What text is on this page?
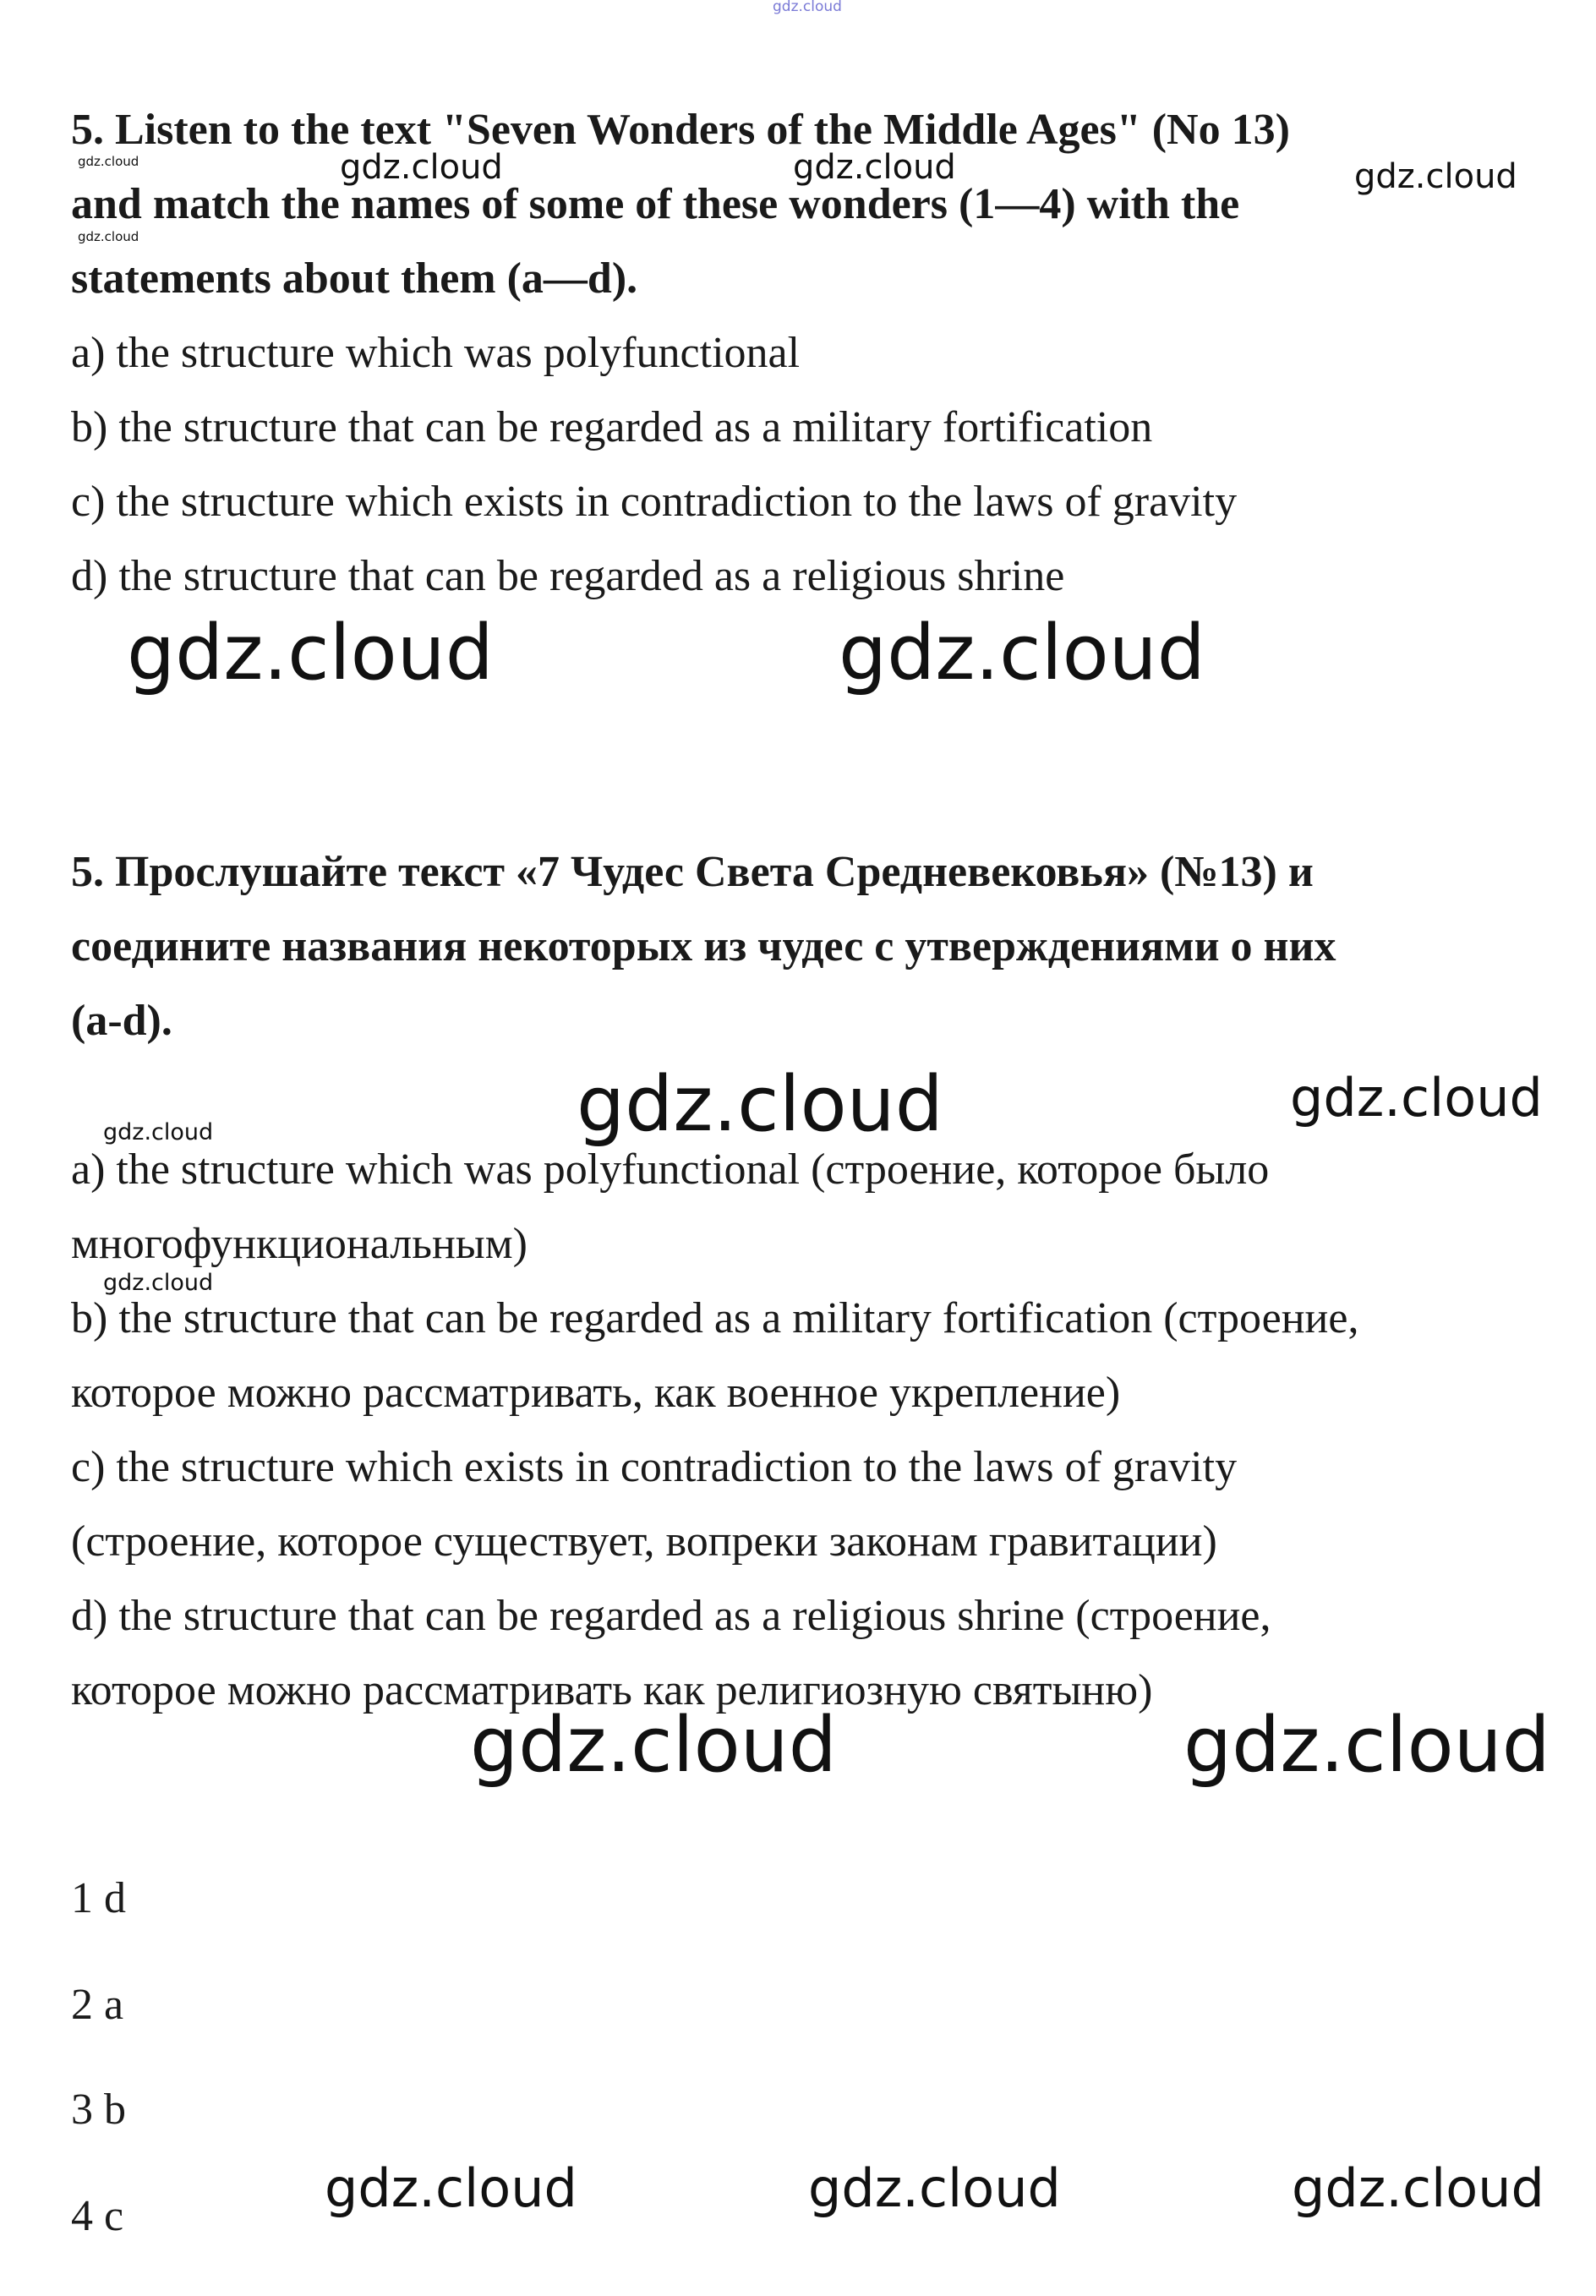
gdz.cloud
5. Listen to the text "Seven Wonders of the Middle Ages" (No 13)
and match the names of some of these wonders (1—4) with the
statements about them (a—d).
a) the structure which was polyfunctional
b) the structure that can be regarded as a military fortification
c) the structure which exists in contradiction to the laws of gravity
d) the structure that can be regarded as a religious shrine
5. Прослушайте текст «7 Чудес Света Средневековья» (№13) и
соедините названия некоторых из чудес с утверждениями о них
(a-d).
a) the structure which was polyfunctional (строение, которое было
многофункциональным)
b) the structure that can be regarded as a military fortification (строение,
которое можно рассматривать, как военное укрепление)
c) the structure which exists in contradiction to the laws of gravity
(строение, которое существует, вопреки законам гравитации)
d) the structure that can be regarded as a religious shrine (строение,
которое можно рассматривать как религиозную святыню)
1 d
2 a
3 b
4 c
gdz.cloud
gdz.cloud
gdz.cloud	gdz.cloud	gdz.cloud
gdz.cloud	gdz.cloud
gdz.cloud	gdz.cloud
gdz.cloud
gdz.cloud
gdz.cloud	gdz.cloud
gdz.cloud	gdz.cloud	gdz.cloud
